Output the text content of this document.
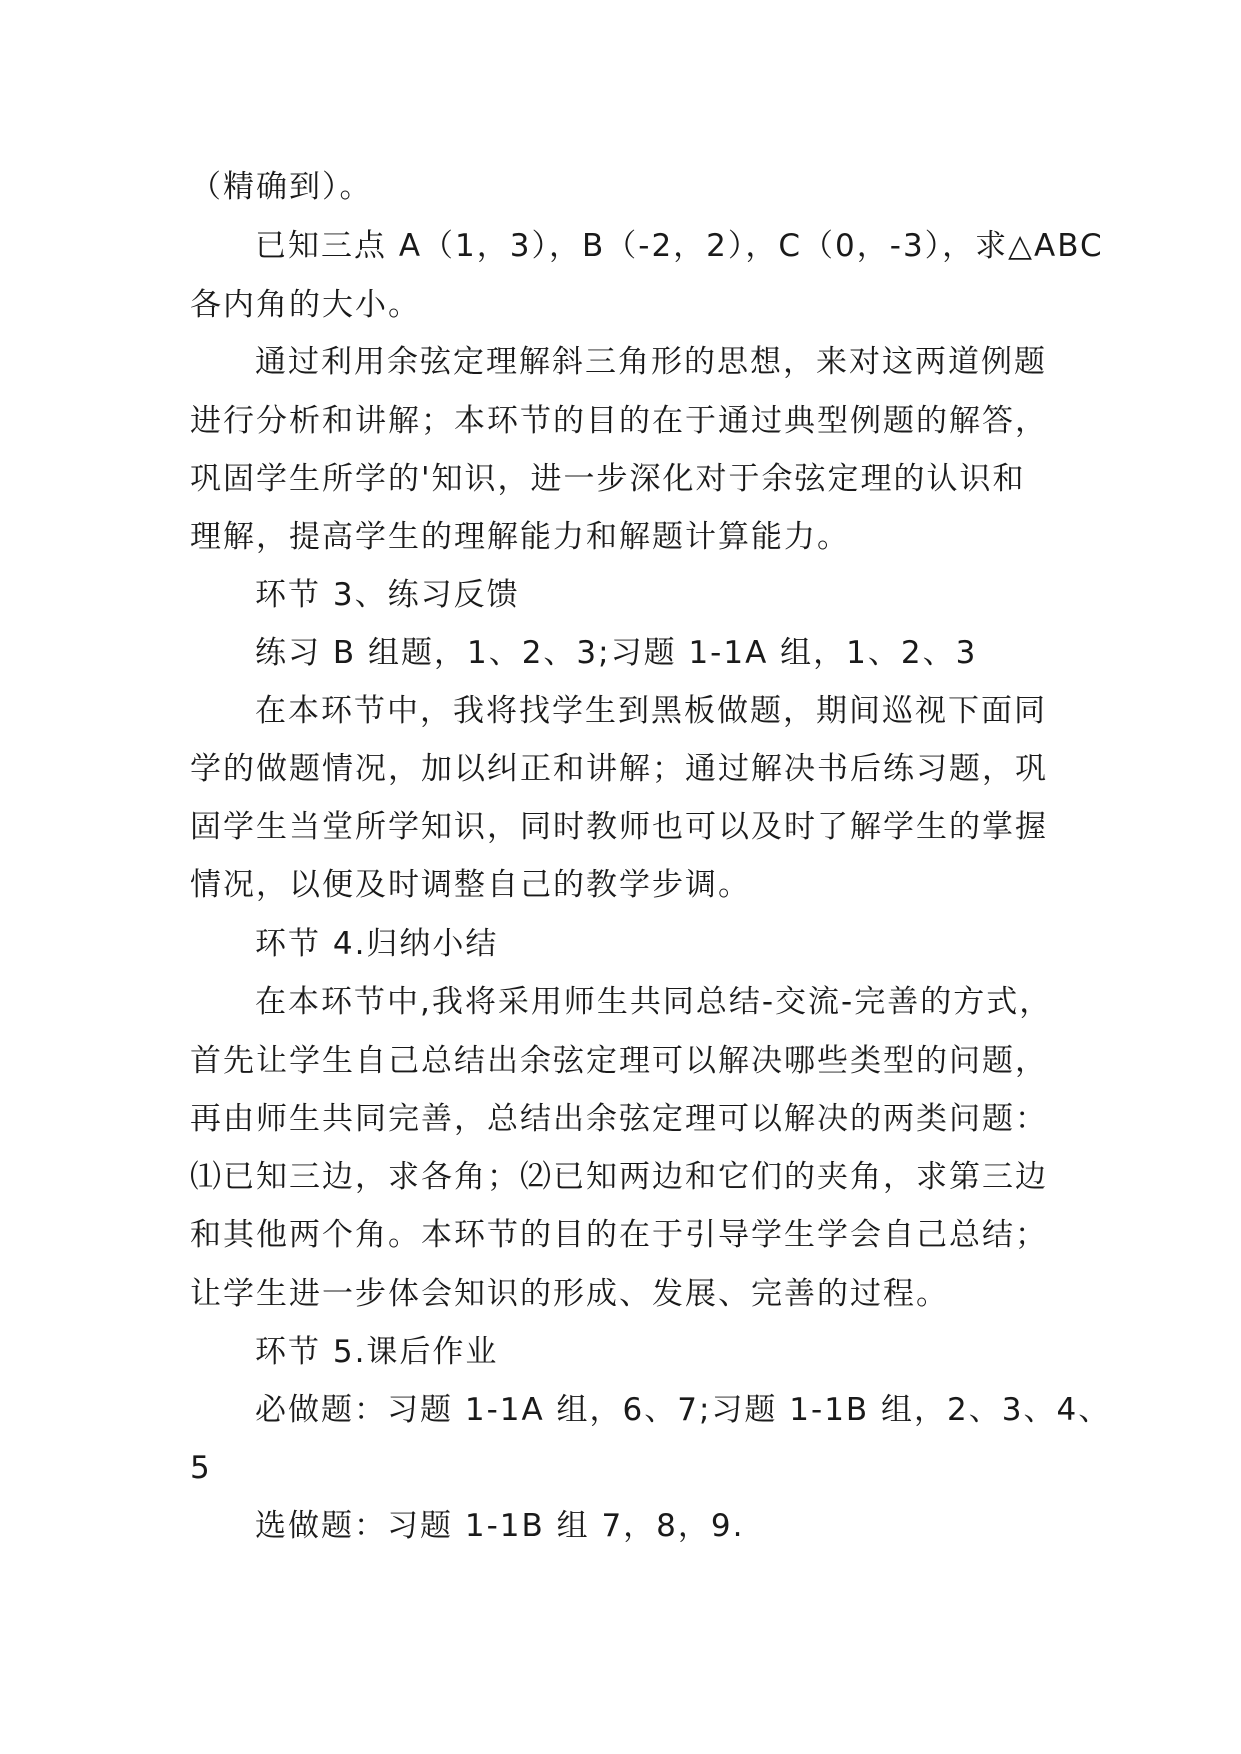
（精确到）。
已知三点 A（1，3），B（-2，2），C（0，-3），求△ABC
各内角的大小。
通过利用余弦定理解斜三角形的思想，来对这两道例题
进行分析和讲解；本环节的目的在于通过典型例题的解答，
巩固学生所学的'知识，进一步深化对于余弦定理的认识和
理解，提高学生的理解能力和解题计算能力。
环节 3、练习反馈
练习 B 组题，1、2、3;习题 1-1A 组，1、2、3
在本环节中，我将找学生到黑板做题，期间巡视下面同
学的做题情况，加以纠正和讲解；通过解决书后练习题，巩
固学生当堂所学知识，同时教师也可以及时了解学生的掌握
情况，以便及时调整自己的教学步调。
环节 4.归纳小结
在本环节中,我将采用师生共同总结-交流-完善的方式，
首先让学生自己总结出余弦定理可以解决哪些类型的问题，
再由师生共同完善，总结出余弦定理可以解决的两类问题：
⑴已知三边，求各角；⑵已知两边和它们的夹角，求第三边
和其他两个角。本环节的目的在于引导学生学会自己总结；
让学生进一步体会知识的形成、发展、完善的过程。
环节 5.课后作业
必做题：习题 1-1A 组，6、7;习题 1-1B 组，2、3、4、
5
选做题：习题 1-1B 组 7，8，9.
